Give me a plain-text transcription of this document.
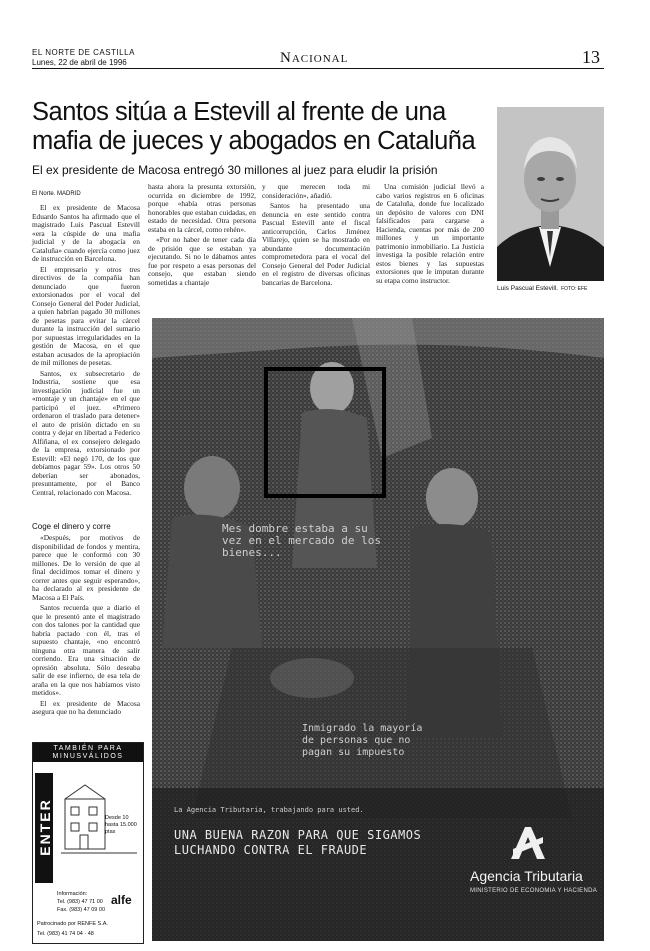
EL NORTE DE CASTILLA
Lunes, 22 de abril de 1996	Nacional	13
Santos sitúa a Estevill al frente de una mafia de jueces y abogados en Cataluña
El ex presidente de Macosa entregó 30 millones al juez para eludir la prisión
Luis Pascual Estevill. FOTO: EFE
El Norte. MADRID

El ex presidente de Macosa Eduardo Santos ha afirmado que el magistrado Luis Pascual Estevill «era la cúspide de una mafia judicial y de la abogacía en Cataluña» cuando ejercía como juez de instrucción en Barcelona.

El empresario y otros tres directivos de la compañía han denunciado que fueron extorsionados por el vocal del Consejo General del Poder Judicial, a quien habrían pagado 30 millones de pesetas para evitar la cárcel durante la instrucción del sumario por supuestas irregularidades en la gestión de Macosa, en el que estaban acusados de la apropiación de mil millones de pesetas.

Santos, ex subsecretario de Industria, sostiene que esa investigación judicial fue un «montaje y un chantaje» en el que participó el juez. «Primero ordenaron el traslado para detener» el auto de prisión dictado en su contra y dejar en libertad a Federico Alfiñana, el ex consejero delegado de la empresa, extorsionado por Estevill: «El negó 170, de los que debíamos pagar 59». Los otros 50 deberían ser abonados, presuntamente, por el Banco Central, relacionado con Macosa.

Coge el dinero y corre

«Después, por motivos de disponibilidad de fondos y mentira, parece que le conformó con 30 millones. De lo versión de que al final decidimos tomar el dinero y correr antes que seguir esperando», ha declarado al ex presidente de Macosa a El País.

Santos recuerda que a diario el que le presentó ante el magistrado con dos talones por la cantidad que habría pactado con él, tras el supuesto chantaje, «no encontró ninguna otra manera de salir corriendo. Era una situación de opresión absoluta. Sólo deseaba salir de ese infierno, de esa tela de araña en la que nos habíamos visto metidos».

El ex presidente de Macosa asegura que no ha denunciado

hasta ahora la presunta extorsión, ocurrida en diciembre de 1992, porque «había otras personas honorables que estaban cuidadas, en estado de necesidad. Otra persona estaba en la cárcel, como rehén».

«Por no haber de tener cada día de prisión que se estaban ya ejecutando. Si no le dábamos antes fue por respeto a esas personas del consejo, que estaban siendo sometidas a chantaje

y que merecen toda mi consideración», añadió.

Santos ha presentado una denuncia en este sentido contra Pascual Estevill ante el fiscal anticorrupción, Carlos Jiménez Villarejo, quien se ha mostrado en abundante documentación comprometedora para el vocal del Consejo General del Poder Judicial en el registro de diversas oficinas bancarias de Barcelona.

Una comisión judicial llevó a cabo varios registros en 6 oficinas de Cataluña, donde fue localizado un depósito de valores con DNI falsificados para cargarse a Hacienda, cuentas por más de 200 millones y un importante patrimonio inmobiliario. La Justicia investiga la posible relación entre estos bienes y las supuestas extorsiones que le imputan durante su etapa como instructor.

Mes dombre estaba a su vez en el mercado de los bienes...
Inmigrado la mayoría de personas que no pagan su impuesto
La Agencia Tributaria, trabajando para usted.
UNA BUENA RAZON PARA QUE SIGAMOS
LUCHANDO CONTRA EL FRAUDE
Agencia Tributaria
MINISTERIO DE ECONOMIA Y HACIENDA
TAMBIÉN PARA
MINUSVÁLIDOS
ENTER	Desde 10 hasta 15.000 ptas
Información:
Tel. (983) 47 71 00
Fax. (983) 47 09 00
alfe
Patrocinado por RENFE S.A.
Tel. (983) 41 74 04 · 48
